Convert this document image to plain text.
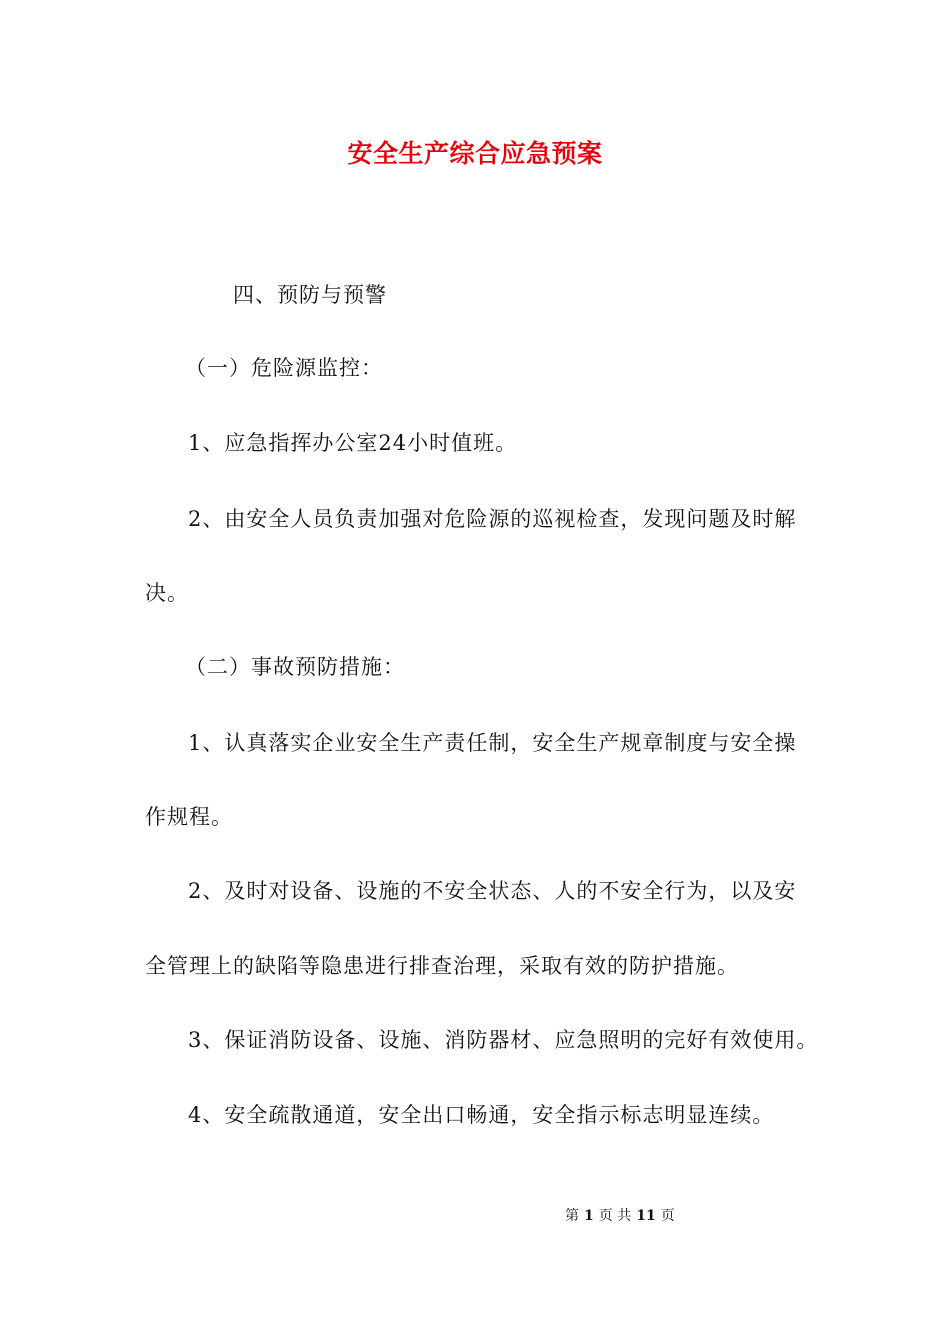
安全生产综合应急预案
四、预防与预警
（一）危险源监控：
1、应急指挥办公室24小时值班。
2、由安全人员负责加强对危险源的巡视检查，发现问题及时解
决。
（二）事故预防措施：
1、认真落实企业安全生产责任制，安全生产规章制度与安全操
作规程。
2、及时对设备、设施的不安全状态、人的不安全行为，以及安
全管理上的缺陷等隐患进行排查治理，采取有效的防护措施。
3、保证消防设备、设施、消防器材、应急照明的完好有效使用。
4、安全疏散通道，安全出口畅通，安全指示标志明显连续。
第 1 页 共 11 页
